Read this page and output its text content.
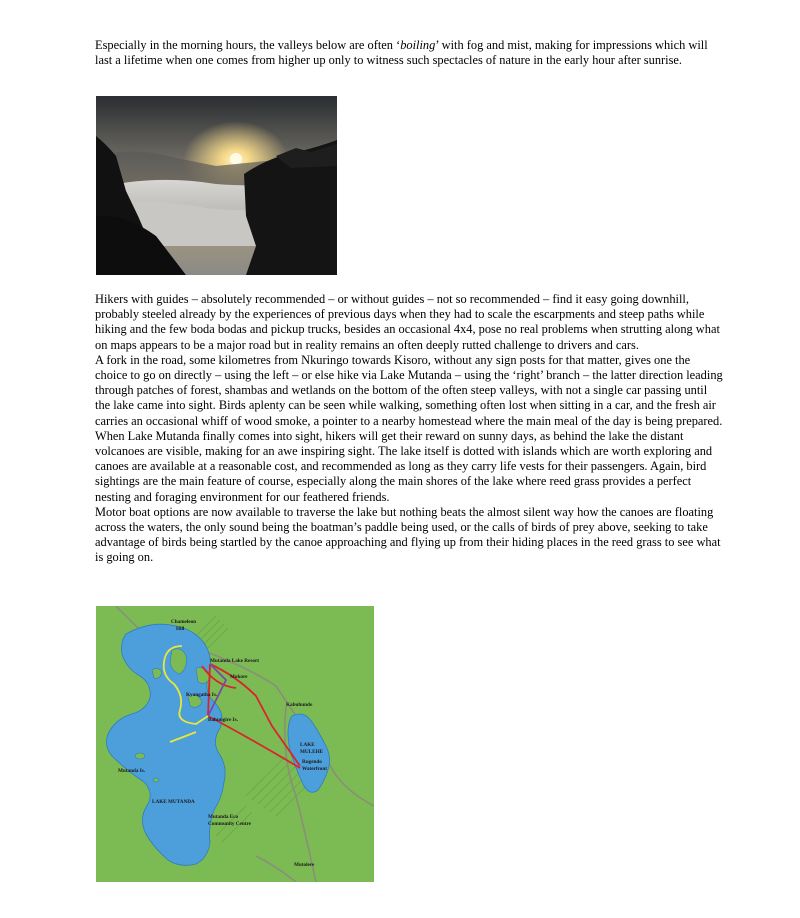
Especially in the morning hours, the valleys below are often ‘boiling’ with fog and mist, making for impressions which will last a lifetime when one comes from higher up only to witness such spectacles of nature in the early hour after sunrise.

Hikers with guides – absolutely recommended – or without guides – not so recommended – find it easy going downhill, probably steeled already by the experiences of previous days when they had to scale the escarpments and steep paths while hiking and the few boda bodas and pickup trucks, besides an occasional 4x4, pose no real problems when strutting along what on maps appears to be a major road but in reality remains an often deeply rutted challenge to drivers and cars.
A fork in the road, some kilometres from Nkuringo towards Kisoro, without any sign posts for that matter, gives one the choice to go on directly – using the left – or else hike via Lake Mutanda – using the ‘right’ branch – the latter direction leading through patches of forest, shambas and wetlands on the bottom of the often steep valleys, with not a single car passing until the lake came into sight. Birds aplenty can be seen while walking, something often lost when sitting in a car, and the fresh air carries an occasional whiff of wood smoke, a pointer to a nearby homestead where the main meal of the day is being prepared. When Lake Mutanda finally comes into sight, hikers will get their reward on sunny days, as behind the lake the distant volcanoes are visible, making for an awe inspiring sight. The lake itself is dotted with islands which are worth exploring and canoes are available at a reasonable cost, and recommended as long as they carry life vests for their passengers. Again, bird sightings are the main feature of course, especially along the main shores of the lake where reed grass provides a perfect nesting and foraging environment for our feathered friends.
Motor boat options are now available to traverse the lake but nothing beats the almost silent way how the canoes are floating across the waters, the only sound being the boatman’s paddle being used, or the calls of birds of prey above, seeking to take advantage of birds being startled by the canoe approaching and flying up from their hiding places in the reed grass to see what is going on.
Chameleon
Hill
Mutanda Lake Resort
Mokore
Kyangatha Is.
Bahungire Is.
Kabuhunde
LAKE
MULEHE
Rugendo
Waterfront
Mutanda Is.
LAKE MUTANDA
Mutanda Eco
Community Centre
Mutolere
